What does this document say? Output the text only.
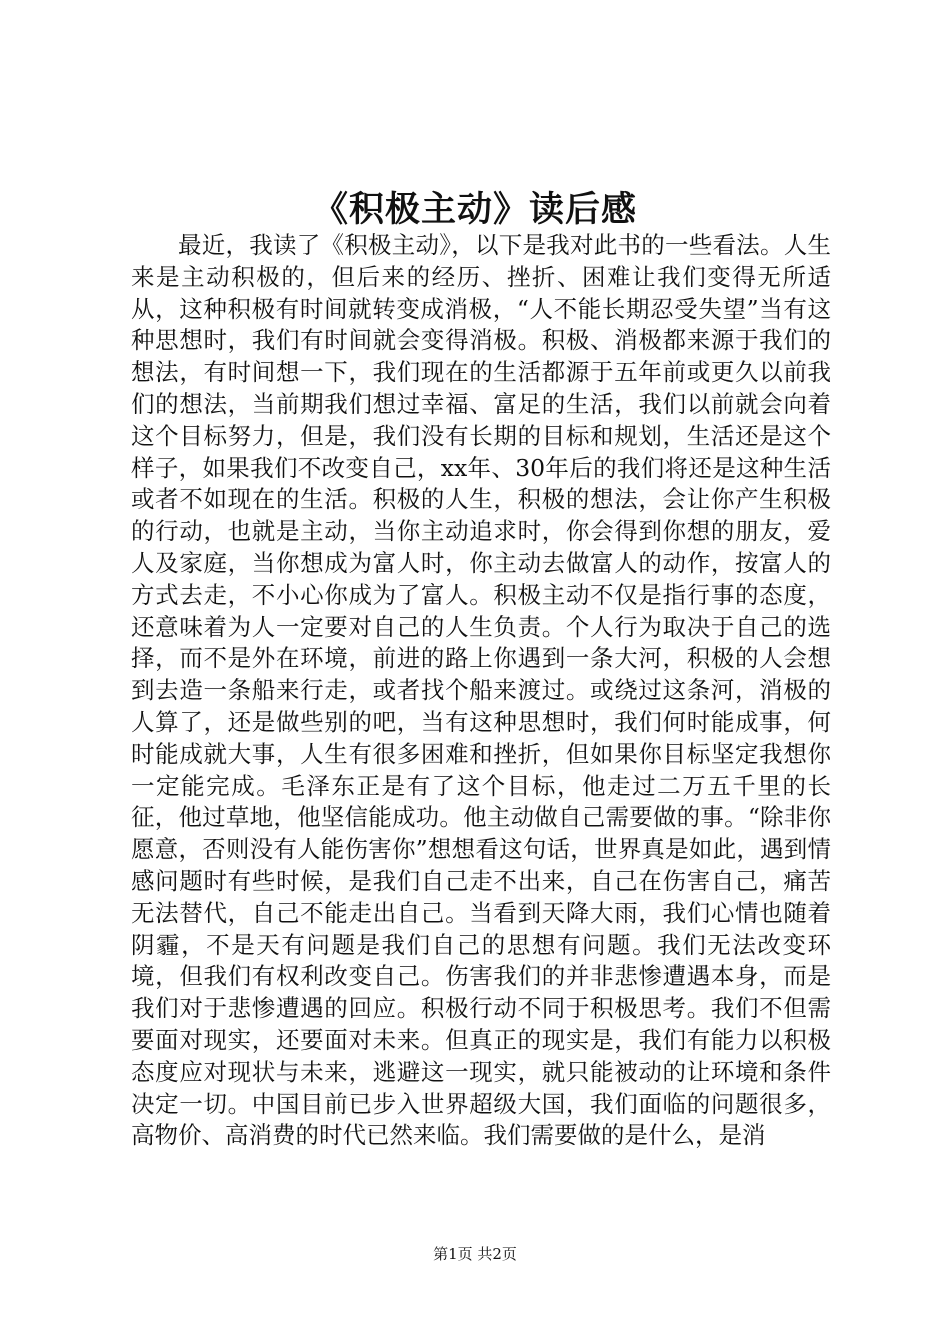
《积极主动》读后感

最近，我读了《积极主动》，以下是我对此书的一些看法。人生来是主动积极的，但后来的经历、挫折、困难让我们变得无所适从，这种积极有时间就转变成消极，“人不能长期忍受失望”当有这种思想时，我们有时间就会变得消极。积极、消极都来源于我们的想法，有时间想一下，我们现在的生活都源于五年前或更久以前我们的想法，当前期我们想过幸福、富足的生活，我们以前就会向着这个目标努力，但是，我们没有长期的目标和规划，生活还是这个样子，如果我们不改变自己，xx年、30年后的我们将还是这种生活或者不如现在的生活。积极的人生，积极的想法，会让你产生积极的行动，也就是主动，当你主动追求时，你会得到你想的朋友，爱人及家庭，当你想成为富人时，你主动去做富人的动作，按富人的方式去走，不小心你成为了富人。积极主动不仅是指行事的态度，还意味着为人一定要对自己的人生负责。个人行为取决于自己的选择，而不是外在环境，前进的路上你遇到一条大河，积极的人会想到去造一条船来行走，或者找个船来渡过。或绕过这条河，消极的人算了，还是做些别的吧，当有这种思想时，我们何时能成事，何时能成就大事，人生有很多困难和挫折，但如果你目标坚定我想你一定能完成。毛泽东正是有了这个目标，他走过二万五千里的长征，他过草地，他坚信能成功。他主动做自己需要做的事。“除非你愿意，否则没有人能伤害你”想想看这句话，世界真是如此，遇到情感问题时有些时候，是我们自己走不出来，自己在伤害自己，痛苦无法替代，自己不能走出自己。当看到天降大雨，我们心情也随着阴霾，不是天有问题是我们自己的思想有问题。我们无法改变环境，但我们有权利改变自己。伤害我们的并非悲惨遭遇本身，而是我们对于悲惨遭遇的回应。积极行动不同于积极思考。我们不但需要面对现实，还要面对未来。但真正的现实是，我们有能力以积极态度应对现状与未来，逃避这一现实，就只能被动的让环境和条件决定一切。中国目前已步入世界超级大国，我们面临的问题很多，高物价、高消费的时代已然来临。我们需要做的是什么，是消

第1页 共2页
